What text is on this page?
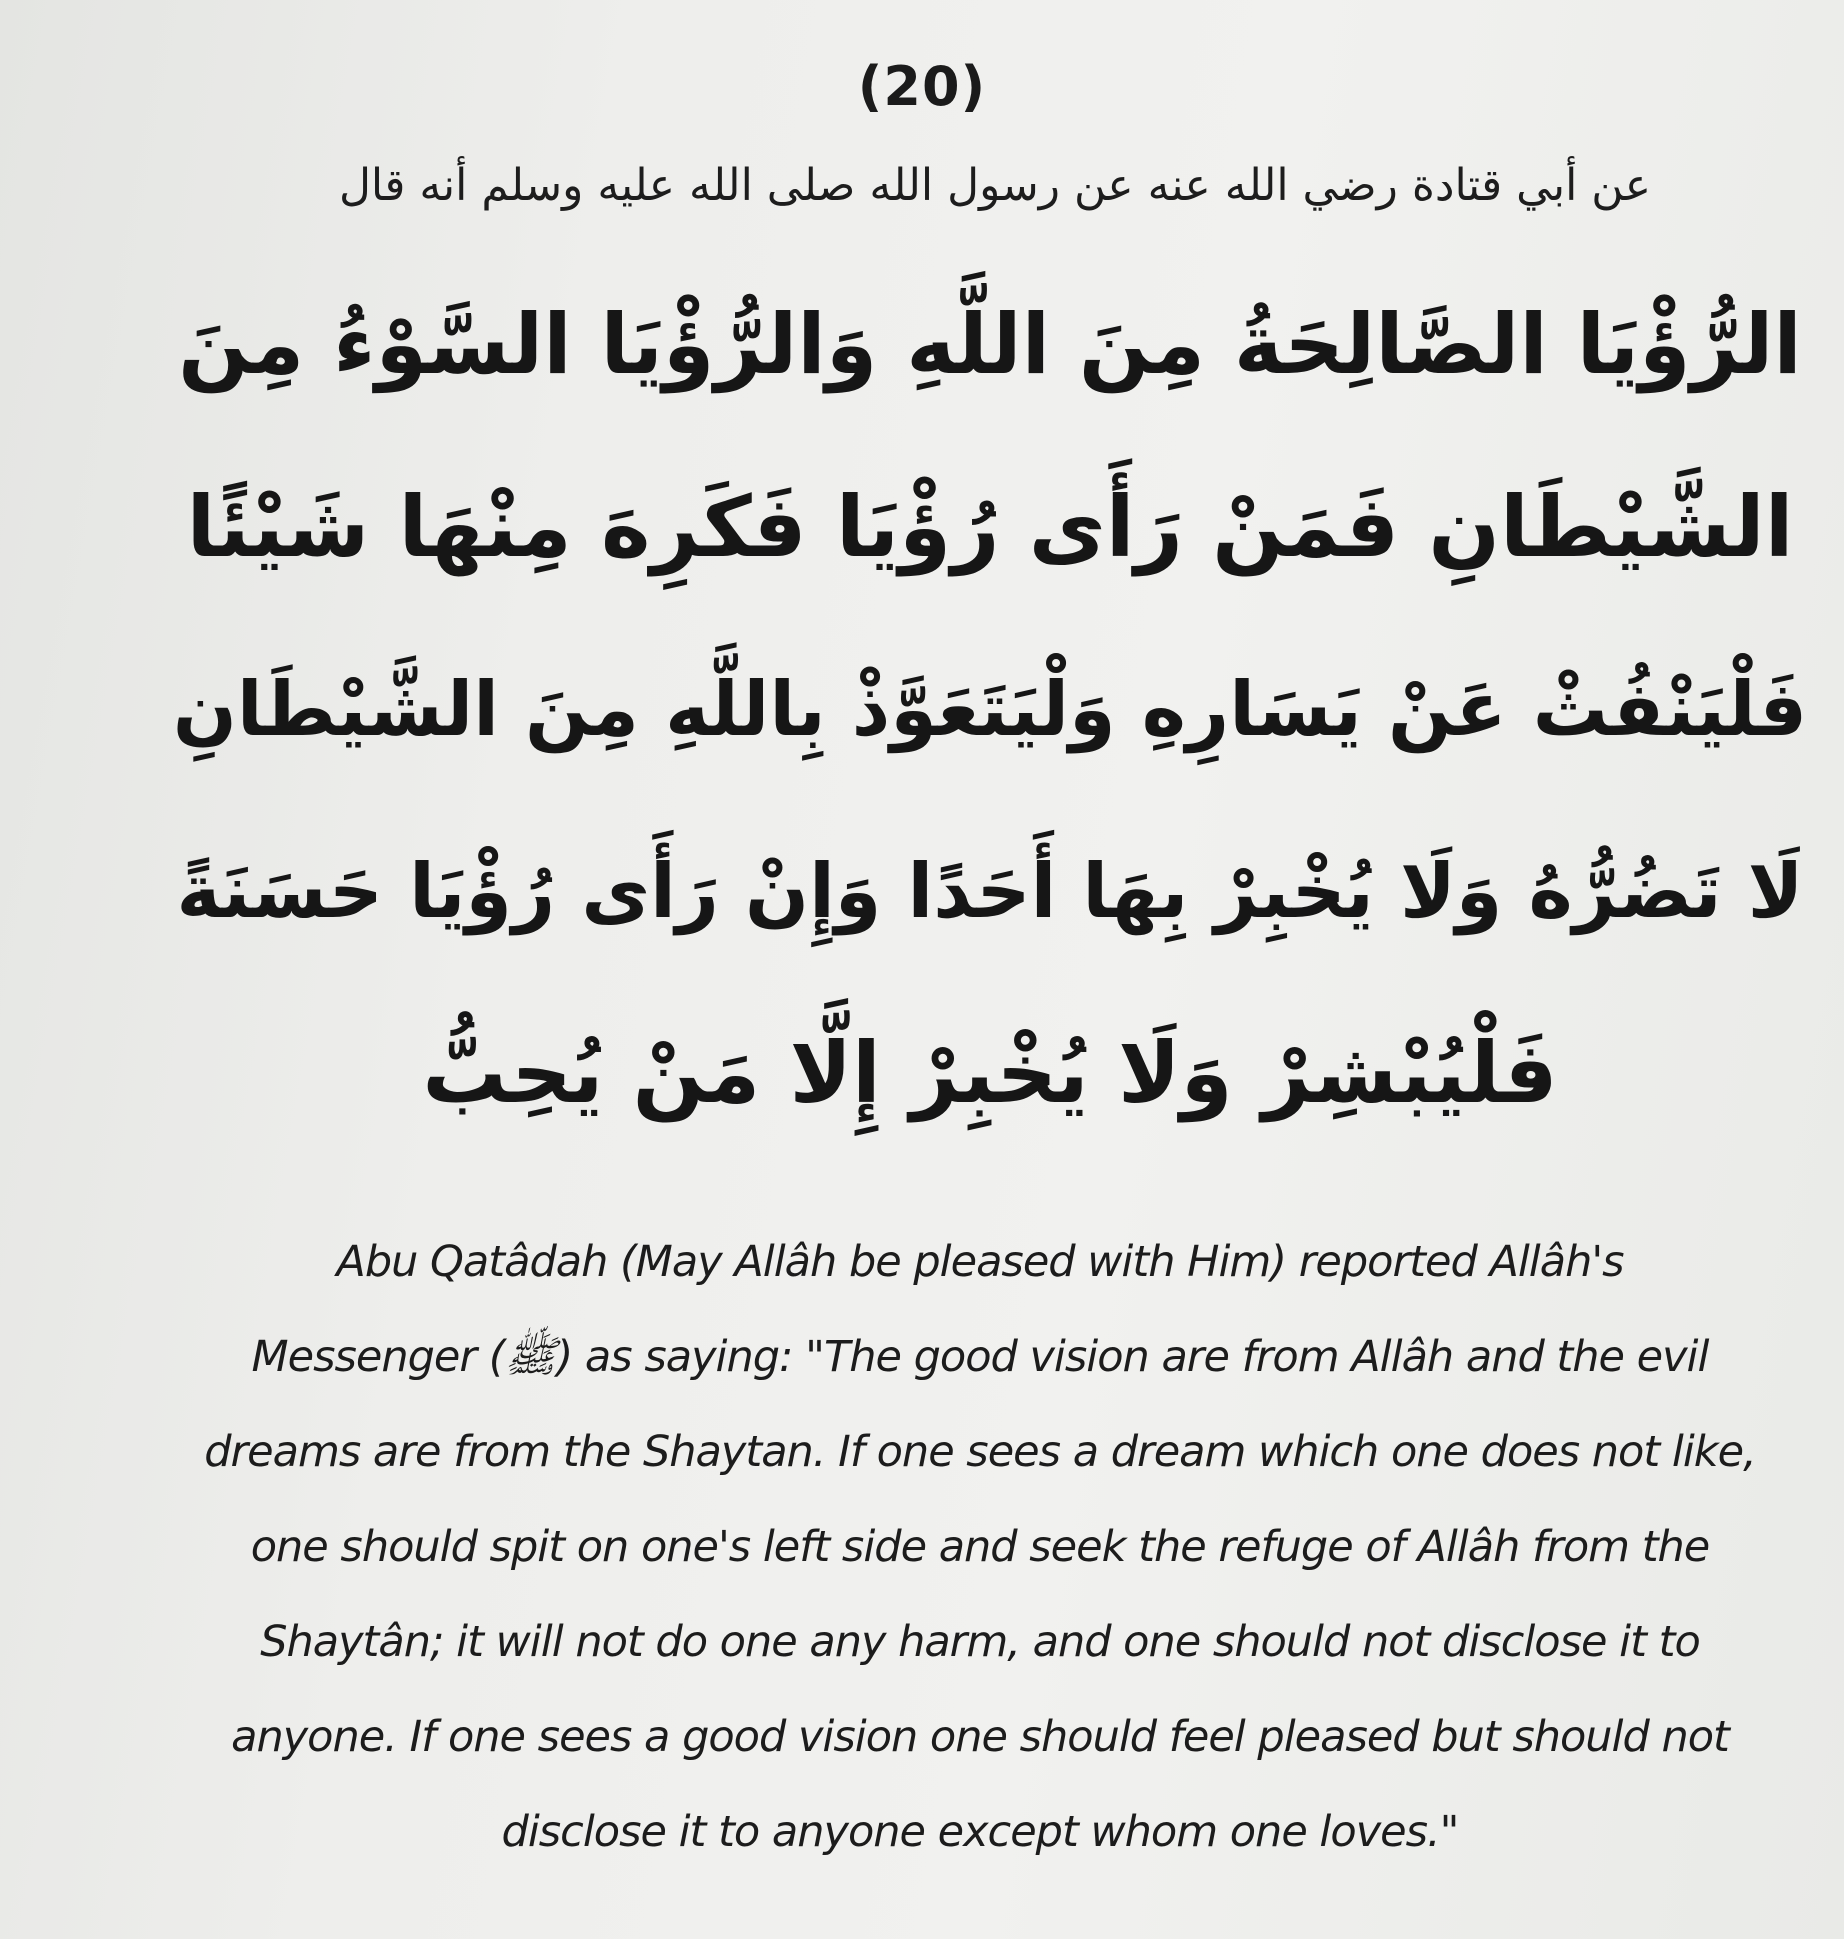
(20)
عن أبي قتادة رضي الله عنه عن رسول الله صلى الله عليه وسلم أنه قال
الرُّؤْيَا الصَّالِحَةُ مِنَ اللَّهِ وَالرُّؤْيَا السَّوْءُ مِنَ
الشَّيْطَانِ فَمَنْ رَأَى رُؤْيَا فَكَرِهَ مِنْهَا شَيْئًا
فَلْيَنْفُثْ عَنْ يَسَارِهِ وَلْيَتَعَوَّذْ بِاللَّهِ مِنَ الشَّيْطَانِ
لَا تَضُرُّهُ وَلَا يُخْبِرْ بِهَا أَحَدًا وَإِنْ رَأَى رُؤْيَا حَسَنَةً
فَلْيُبْشِرْ وَلَا يُخْبِرْ إِلَّا مَنْ يُحِبُّ
Abu Qatâdah (May Allâh be pleased with Him) reported Allâh's
Messenger (ﷺ) as saying: "The good vision are from Allâh and the evil
dreams are from the Shaytan. If one sees a dream which one does not like,
one should spit on one's left side and seek the refuge of Allâh from the
Shaytân; it will not do one any harm, and one should not disclose it to
anyone. If one sees a good vision one should feel pleased but should not
disclose it to anyone except whom one loves."
